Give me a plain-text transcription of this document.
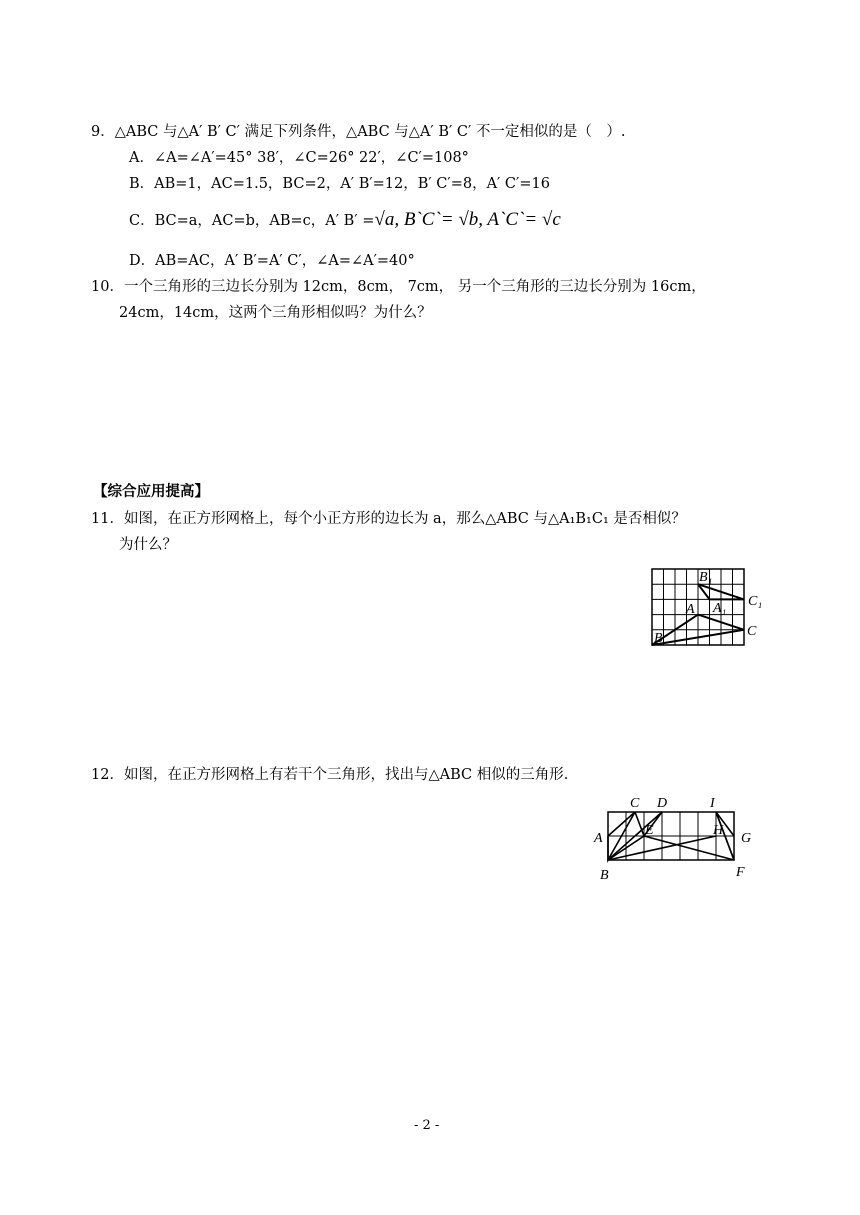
9．△ABC 与△A′ B′ C′ 满足下列条件，△ABC 与△A′ B′ C′ 不一定相似的是（　）.
A．∠A=∠A′=45° 38′，∠C=26° 22′，∠C′=108°
B．AB=1，AC=1.5，BC=2，A′ B′=12，B′ C′=8，A′ C′=16
C．BC=a，AC=b，AB=c，A′ B′ =√a, B`C`= √b, A`C`= √c
D．AB=AC，A′ B′=A′ C′，∠A=∠A′=40°
10．一个三角形的三边长分别为 12cm，8cm， 7cm， 另一个三角形的三边长分别为 16cm，
24cm，14cm，这两个三角形相似吗？为什么？
【综合应用提高】
11．如图，在正方形网格上，每个小正方形的边长为 a，那么△ABC 与△A₁B₁C₁ 是否相似？
为什么？
B₁
A A₁ C₁
C
B
12．如图，在正方形网格上有若干个三角形，找出与△ABC 相似的三角形.
C D	I
E	H
A	G
B	F
- 2 -
